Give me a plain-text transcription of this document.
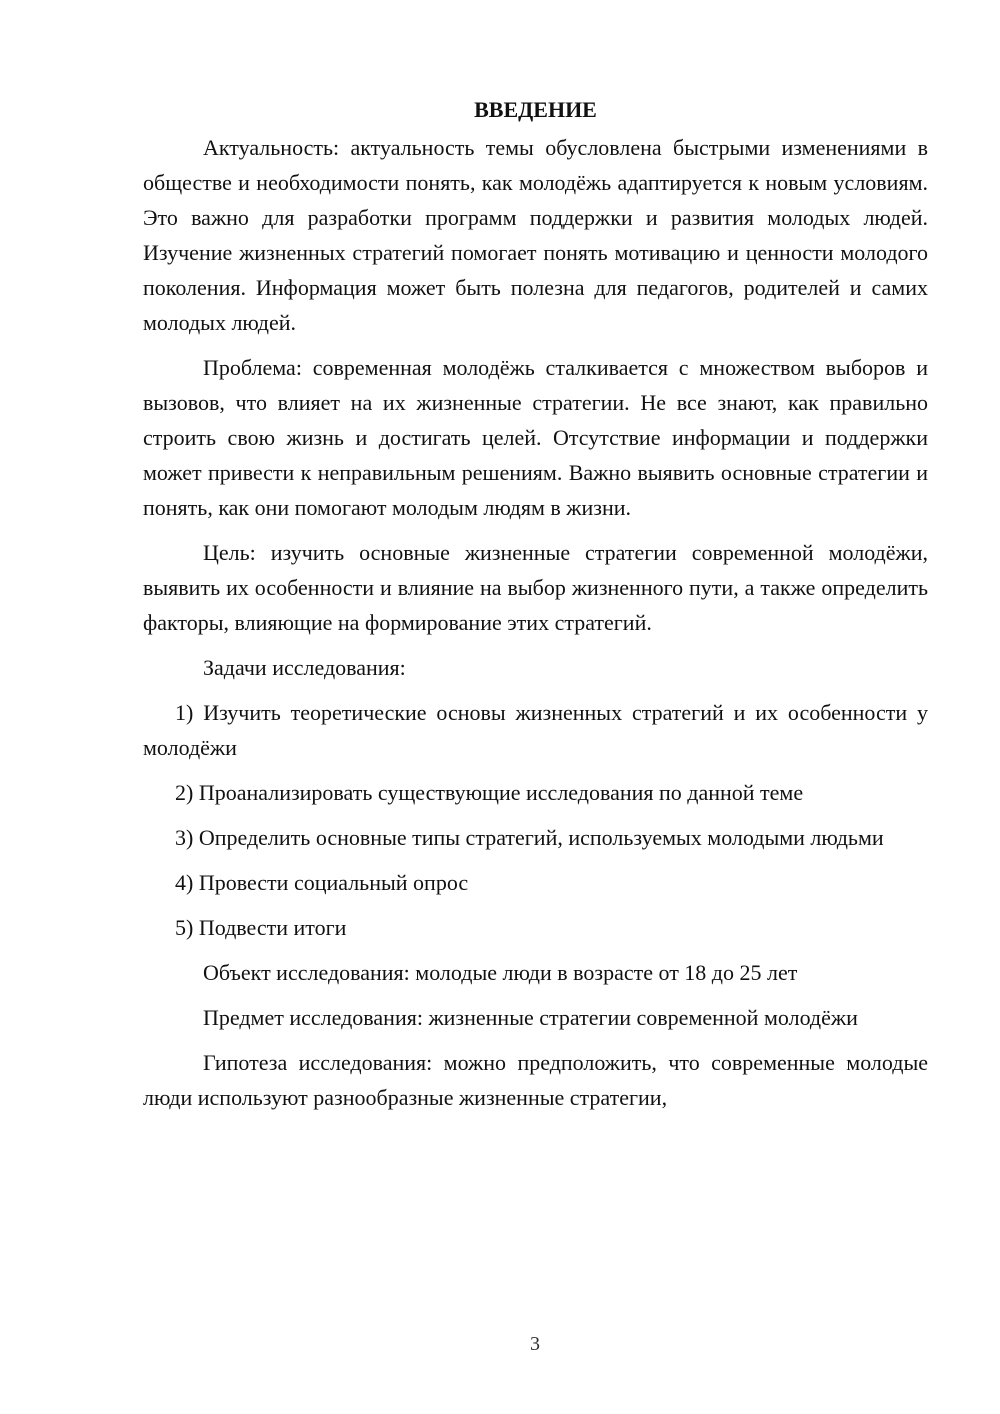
ВВЕДЕНИЕ

Актуальность: актуальность темы обусловлена быстрыми изменениями в обществе и необходимости понять, как молодёжь адаптируется к новым условиям. Это важно для разработки программ поддержки и развития молодых людей. Изучение жизненных стратегий помогает понять мотивацию и ценности молодого поколения. Информация может быть полезна для педагогов, родителей и самих молодых людей.

Проблема: современная молодёжь сталкивается с множеством выборов и вызовов, что влияет на их жизненные стратегии. Не все знают, как правильно строить свою жизнь и достигать целей. Отсутствие информации и поддержки может привести к неправильным решениям. Важно выявить основные стратегии и понять, как они помогают молодым людям в жизни.

Цель: изучить основные жизненные стратегии современной молодёжи, выявить их особенности и влияние на выбор жизненного пути, а также определить факторы, влияющие на формирование этих стратегий.

Задачи исследования:

1) Изучить теоретические основы жизненных стратегий и их особенности у молодёжи

2) Проанализировать существующие исследования по данной теме

3) Определить основные типы стратегий, используемых молодыми людьми

4) Провести социальный опрос

5) Подвести итоги

Объект исследования: молодые люди в возрасте от 18 до 25 лет

Предмет исследования: жизненные стратегии современной молодёжи

Гипотеза исследования: можно предположить, что современные молодые люди используют разнообразные жизненные стратегии,

3
